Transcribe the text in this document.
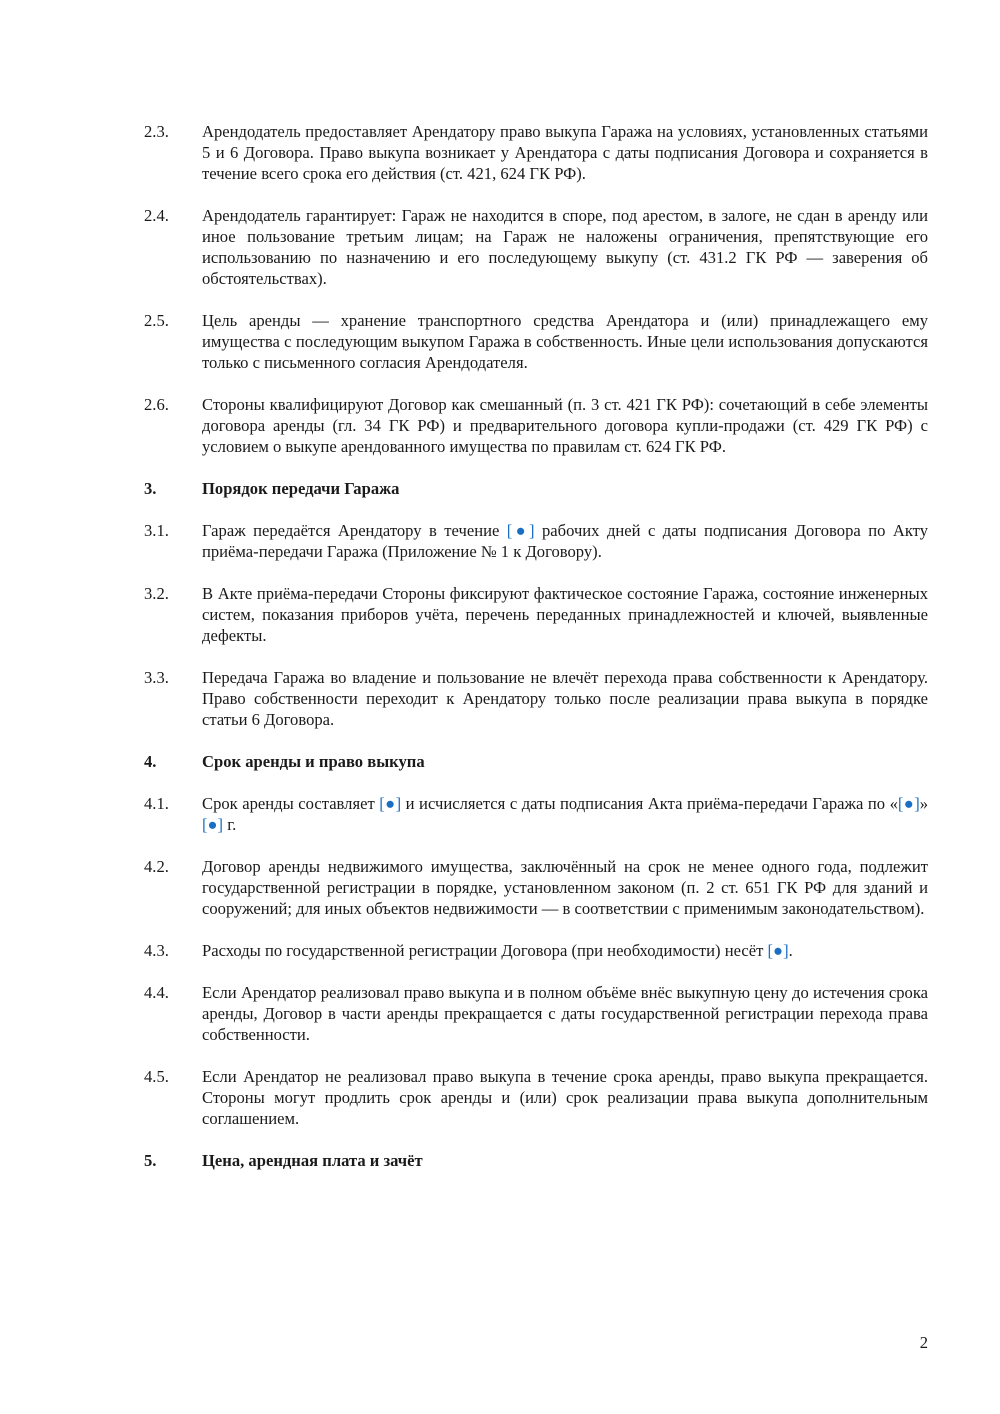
2.3.	Арендодатель предоставляет Арендатору право выкупа Гаража на условиях, установленных статьями 5 и 6 Договора. Право выкупа возникает у Арендатора с даты подписания Договора и сохраняется в течение всего срока его действия (ст. 421, 624 ГК РФ).
2.4.	Арендодатель гарантирует: Гараж не находится в споре, под арестом, в залоге, не сдан в аренду или иное пользование третьим лицам; на Гараж не наложены ограничения, препятствующие его использованию по назначению и его последующему выкупу (ст. 431.2 ГК РФ — заверения об обстоятельствах).
2.5.	Цель аренды — хранение транспортного средства Арендатора и (или) принадлежащего ему имущества с последующим выкупом Гаража в собственность. Иные цели использования допускаются только с письменного согласия Арендодателя.
2.6.	Стороны квалифицируют Договор как смешанный (п. 3 ст. 421 ГК РФ): сочетающий в себе элементы договора аренды (гл. 34 ГК РФ) и предварительного договора купли-продажи (ст. 429 ГК РФ) с условием о выкупе арендованного имущества по правилам ст. 624 ГК РФ.
3.	Порядок передачи Гаража
3.1.	Гараж передаётся Арендатору в течение [●] рабочих дней с даты подписания Договора по Акту приёма-передачи Гаража (Приложение № 1 к Договору).
3.2.	В Акте приёма-передачи Стороны фиксируют фактическое состояние Гаража, состояние инженерных систем, показания приборов учёта, перечень переданных принадлежностей и ключей, выявленные дефекты.
3.3.	Передача Гаража во владение и пользование не влечёт перехода права собственности к Арендатору. Право собственности переходит к Арендатору только после реализации права выкупа в порядке статьи 6 Договора.
4.	Срок аренды и право выкупа
4.1.	Срок аренды составляет [●] и исчисляется с даты подписания Акта приёма-передачи Гаража по «[●]» [●] г.
4.2.	Договор аренды недвижимого имущества, заключённый на срок не менее одного года, подлежит государственной регистрации в порядке, установленном законом (п. 2 ст. 651 ГК РФ для зданий и сооружений; для иных объектов недвижимости — в соответствии с применимым законодательством).
4.3.	Расходы по государственной регистрации Договора (при необходимости) несёт [●].
4.4.	Если Арендатор реализовал право выкупа и в полном объёме внёс выкупную цену до истечения срока аренды, Договор в части аренды прекращается с даты государственной регистрации перехода права собственности.
4.5.	Если Арендатор не реализовал право выкупа в течение срока аренды, право выкупа прекращается. Стороны могут продлить срок аренды и (или) срок реализации права выкупа дополнительным соглашением.
5.	Цена, арендная плата и зачёт
2
